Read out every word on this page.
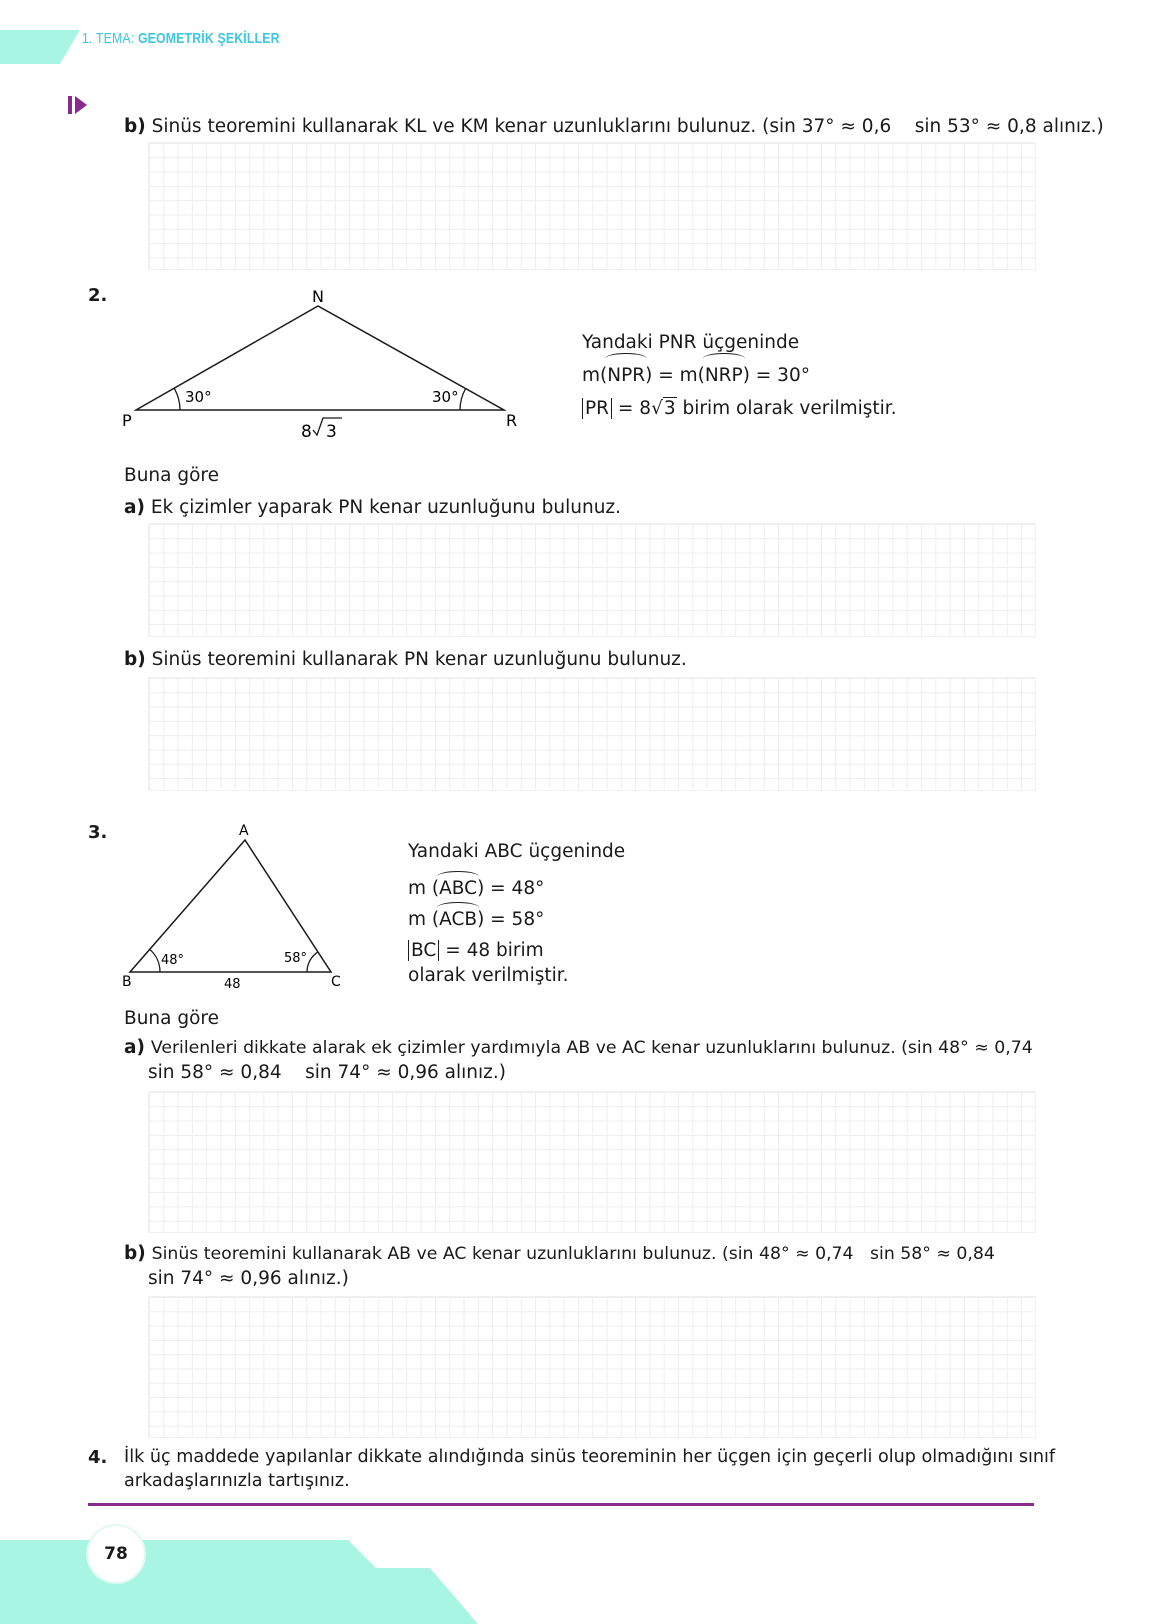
1. TEMA: GEOMETRİK ŞEKİLLER
b) Sinüs teoremini kullanarak KL ve KM kenar uzunluklarını bulunuz. (sin 37° ≈ 0,6    sin 53° ≈ 0,8 alınız.)
2.	N
P	R
30°	30°
8 3
Yandaki PNR üçgeninde
m(NPR) = m(NRP) = 30°
PR = 8√3 birim olarak verilmiştir.
Buna göre
a) Ek çizimler yaparak PN kenar uzunluğunu bulunuz.
b) Sinüs teoremini kullanarak PN kenar uzunluğunu bulunuz.
3.	A
B	C
48°	58°
48
Yandaki ABC üçgeninde
m (ABC) = 48°
m (ACB) = 58°
BC = 48 birim
olarak verilmiştir.
Buna göre
a) Verilenleri dikkate alarak ek çizimler yardımıyla AB ve AC kenar uzunluklarını bulunuz. (sin 48° ≈ 0,74
sin 58° ≈ 0,84    sin 74° ≈ 0,96 alınız.)
b) Sinüs teoremini kullanarak AB ve AC kenar uzunluklarını bulunuz. (sin 48° ≈ 0,74   sin 58° ≈ 0,84
sin 74° ≈ 0,96 alınız.)
4. İlk üç maddede yapılanlar dikkate alındığında sinüs teoreminin her üçgen için geçerli olup olmadığını sınıf
arkadaşlarınızla tartışınız.
78
